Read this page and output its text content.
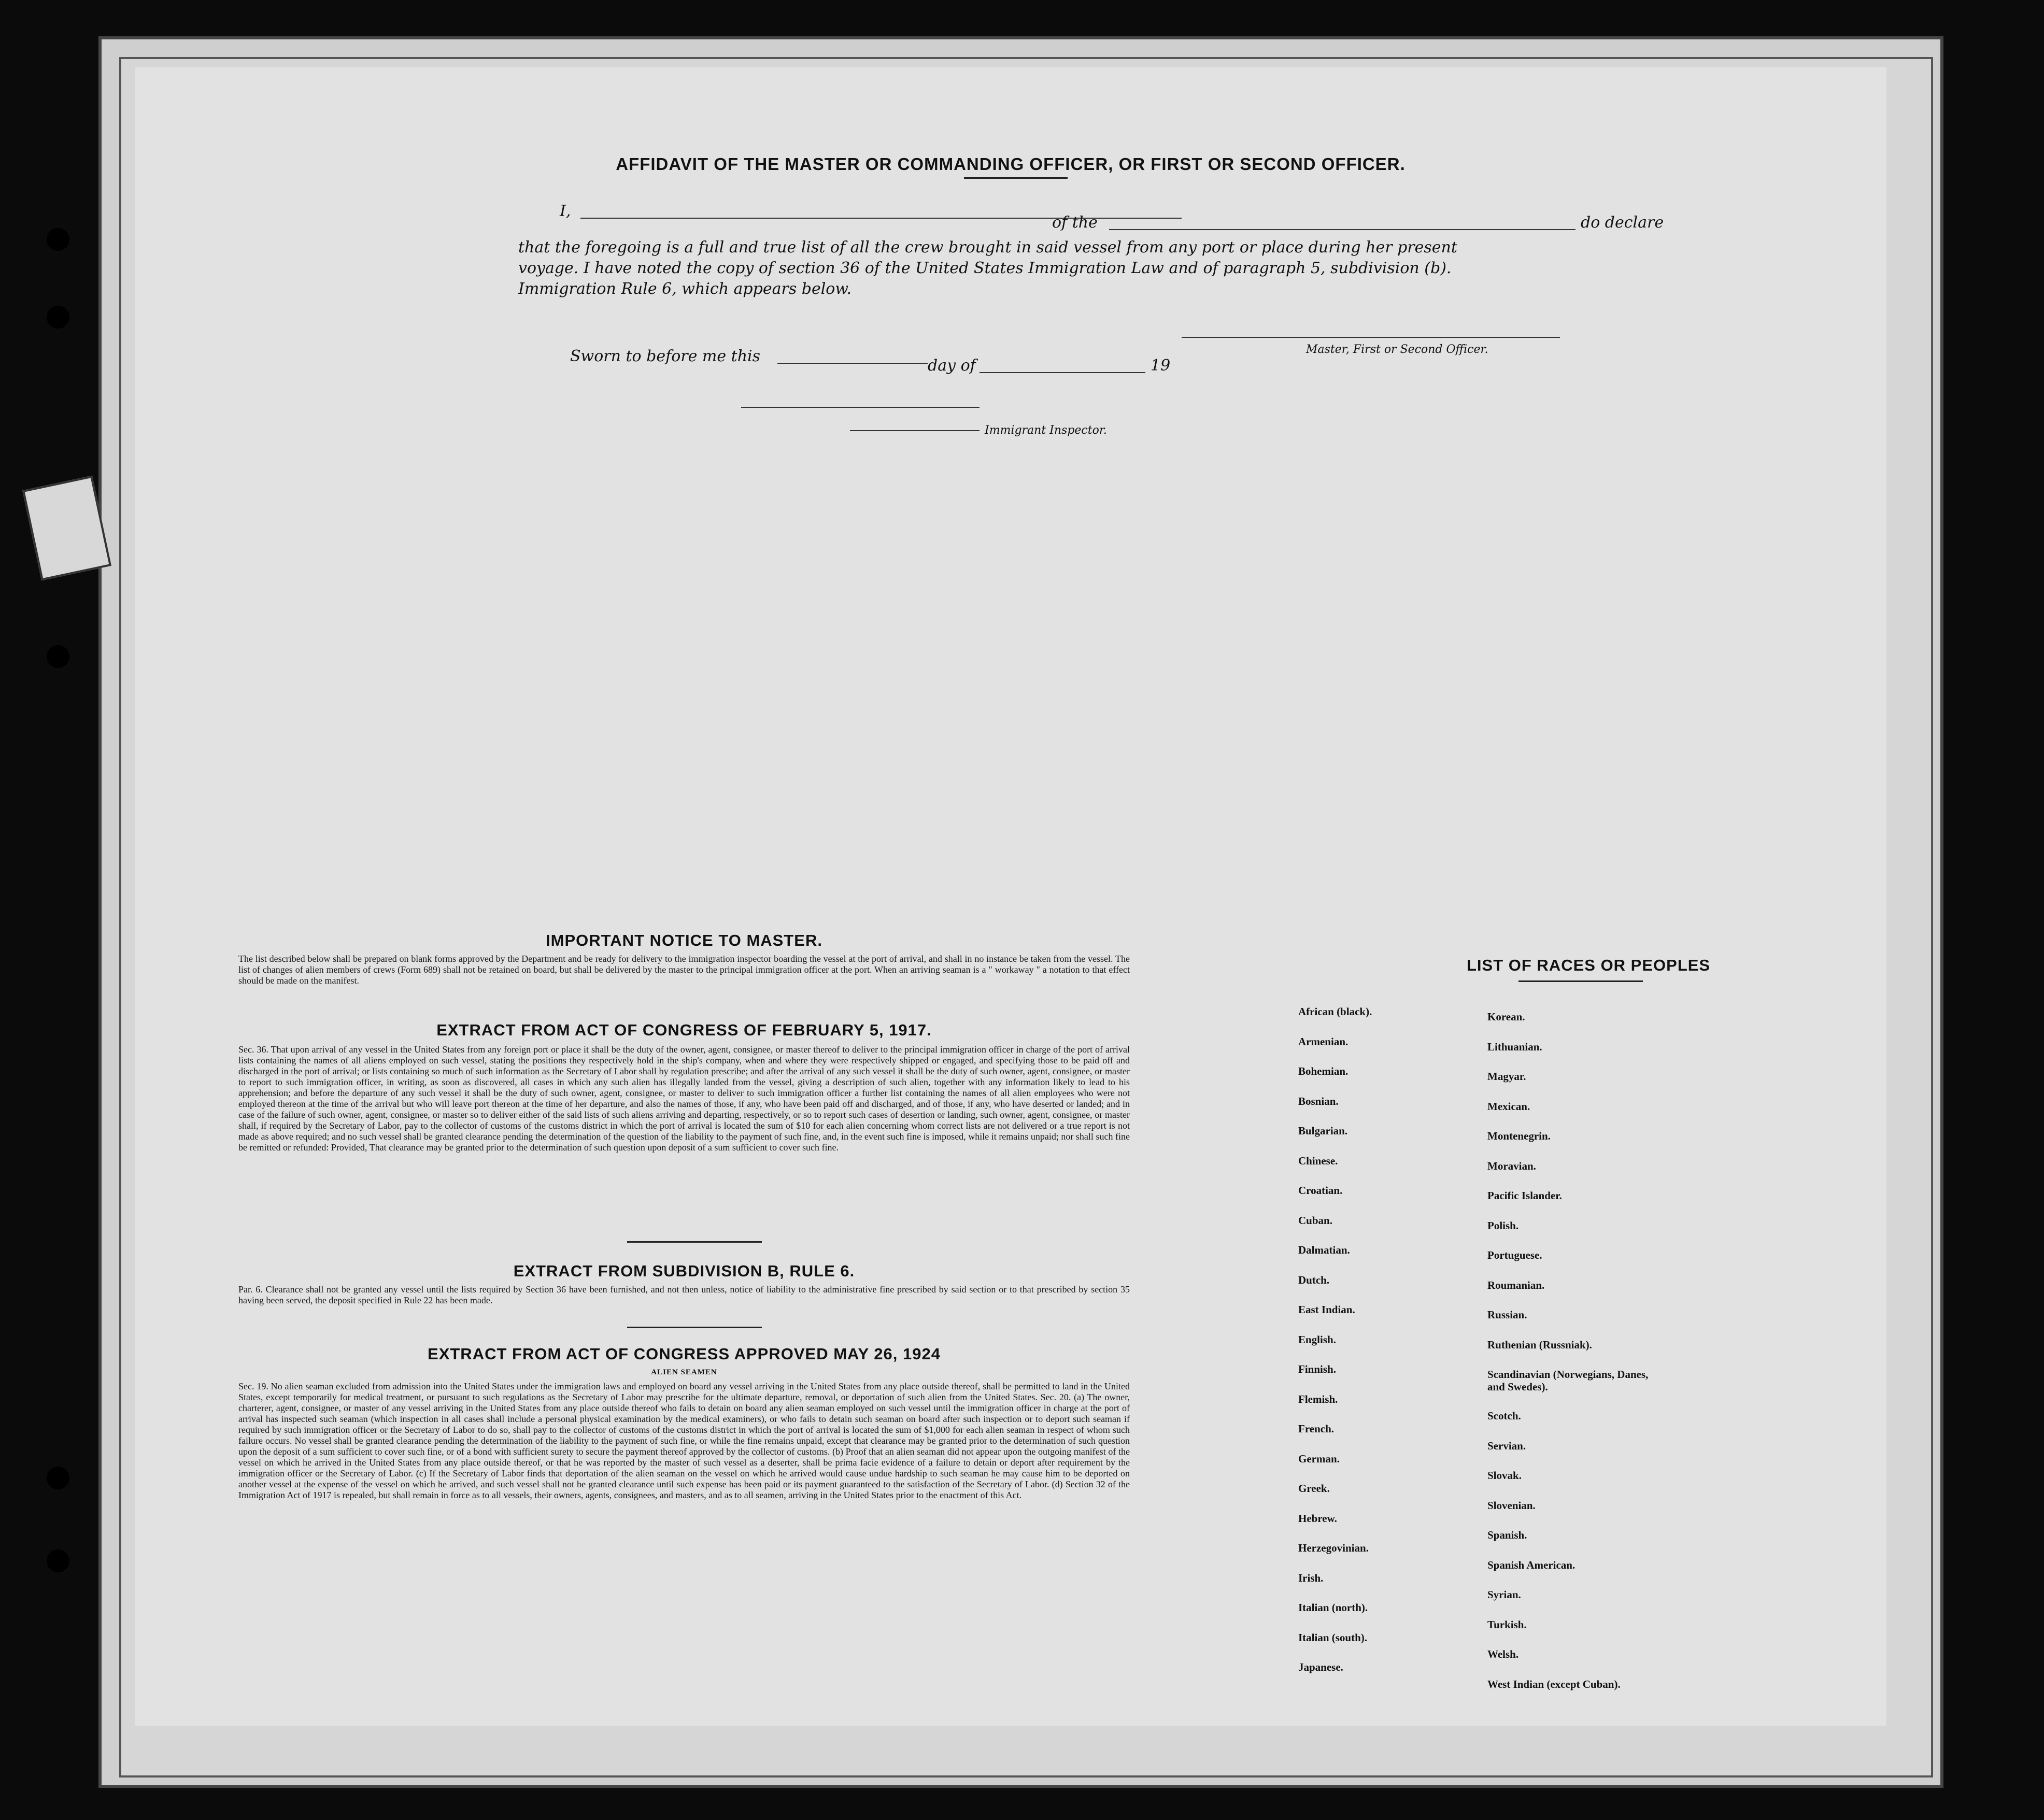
AFFIDAVIT OF THE MASTER OR COMMANDING OFFICER, OR FIRST OR SECOND OFFICER.
I,
of the	do declare
that the foregoing is a full and true list of all the crew brought in said vessel from any port or place during her present
voyage. I have noted the copy of section 36 of the United States Immigration Law and of paragraph 5, subdivision (b).
Immigration Rule 6, which appears below.
Master, First or Second Officer.
Sworn to before me this
day of	19
Immigrant Inspector.
IMPORTANT NOTICE TO MASTER.
The list described below shall be prepared on blank forms approved by the Department and be ready for delivery to the immigration inspector boarding the vessel at the port of arrival, and shall in no instance be taken from the vessel. The list of changes of alien members of crews (Form 689) shall not be retained on board, but shall be delivered by the master to the principal immigration officer at the port. When an arriving seaman is a " workaway " a notation to that effect should be made on the manifest.
EXTRACT FROM ACT OF CONGRESS OF FEBRUARY 5, 1917.
Sec. 36. That upon arrival of any vessel in the United States from any foreign port or place it shall be the duty of the owner, agent, consignee, or master thereof to deliver to the principal immigration officer in charge of the port of arrival lists containing the names of all aliens employed on such vessel, stating the positions they respectively hold in the ship's company, when and where they were respectively shipped or engaged, and specifying those to be paid off and discharged in the port of arrival; or lists containing so much of such information as the Secretary of Labor shall by regulation prescribe; and after the arrival of any such vessel it shall be the duty of such owner, agent, consignee, or master to report to such immigration officer, in writing, as soon as discovered, all cases in which any such alien has illegally landed from the vessel, giving a description of such alien, together with any information likely to lead to his apprehension; and before the departure of any such vessel it shall be the duty of such owner, agent, consignee, or master to deliver to such immigration officer a further list containing the names of all alien employees who were not employed thereon at the time of the arrival but who will leave port thereon at the time of her departure, and also the names of those, if any, who have been paid off and discharged, and of those, if any, who have deserted or landed; and in case of the failure of such owner, agent, consignee, or master so to deliver either of the said lists of such aliens arriving and departing, respectively, or so to report such cases of desertion or landing, such owner, agent, consignee, or master shall, if required by the Secretary of Labor, pay to the collector of customs of the customs district in which the port of arrival is located the sum of $10 for each alien concerning whom correct lists are not delivered or a true report is not made as above required; and no such vessel shall be granted clearance pending the determination of the question of the liability to the payment of such fine, and, in the event such fine is imposed, while it remains unpaid; nor shall such fine be remitted or refunded: Provided, That clearance may be granted prior to the determination of such question upon deposit of a sum sufficient to cover such fine.
EXTRACT FROM SUBDIVISION B, RULE 6.
Par. 6. Clearance shall not be granted any vessel until the lists required by Section 36 have been furnished, and not then unless, notice of liability to the administrative fine prescribed by said section or to that prescribed by section 35 having been served, the deposit specified in Rule 22 has been made.
EXTRACT FROM ACT OF CONGRESS APPROVED MAY 26, 1924
ALIEN SEAMEN
Sec. 19. No alien seaman excluded from admission into the United States under the immigration laws and employed on board any vessel arriving in the United States from any place outside thereof, shall be permitted to land in the United States, except temporarily for medical treatment, or pursuant to such regulations as the Secretary of Labor may prescribe for the ultimate departure, removal, or deportation of such alien from the United States. Sec. 20. (a) The owner, charterer, agent, consignee, or master of any vessel arriving in the United States from any place outside thereof who fails to detain on board any alien seaman employed on such vessel until the immigration officer in charge at the port of arrival has inspected such seaman (which inspection in all cases shall include a personal physical examination by the medical examiners), or who fails to detain such seaman on board after such inspection or to deport such seaman if required by such immigration officer or the Secretary of Labor to do so, shall pay to the collector of customs of the customs district in which the port of arrival is located the sum of $1,000 for each alien seaman in respect of whom such failure occurs. No vessel shall be granted clearance pending the determination of the liability to the payment of such fine, or while the fine remains unpaid, except that clearance may be granted prior to the determination of such question upon the deposit of a sum sufficient to cover such fine, or of a bond with sufficient surety to secure the payment thereof approved by the collector of customs. (b) Proof that an alien seaman did not appear upon the outgoing manifest of the vessel on which he arrived in the United States from any place outside thereof, or that he was reported by the master of such vessel as a deserter, shall be prima facie evidence of a failure to detain or deport after requirement by the immigration officer or the Secretary of Labor. (c) If the Secretary of Labor finds that deportation of the alien seaman on the vessel on which he arrived would cause undue hardship to such seaman he may cause him to be deported on another vessel at the expense of the vessel on which he arrived, and such vessel shall not be granted clearance until such expense has been paid or its payment guaranteed to the satisfaction of the Secretary of Labor. (d) Section 32 of the Immigration Act of 1917 is repealed, but shall remain in force as to all vessels, their owners, agents, consignees, and masters, and as to all seamen, arriving in the United States prior to the enactment of this Act.
LIST OF RACES OR PEOPLES
African (black).
Armenian.
Bohemian.
Bosnian.
Bulgarian.
Chinese.
Croatian.
Cuban.
Dalmatian.
Dutch.
East Indian.
English.
Finnish.
Flemish.
French.
German.
Greek.
Hebrew.
Herzegovinian.
Irish.
Italian (north).
Italian (south).
Japanese.
Korean.
Lithuanian.
Magyar.
Mexican.
Montenegrin.
Moravian.
Pacific Islander.
Polish.
Portuguese.
Roumanian.
Russian.
Ruthenian (Russniak).
Scandinavian (Norwegians, Danes, and Swedes).
Scotch.
Servian.
Slovak.
Slovenian.
Spanish.
Spanish American.
Syrian.
Turkish.
Welsh.
West Indian (except Cuban).
